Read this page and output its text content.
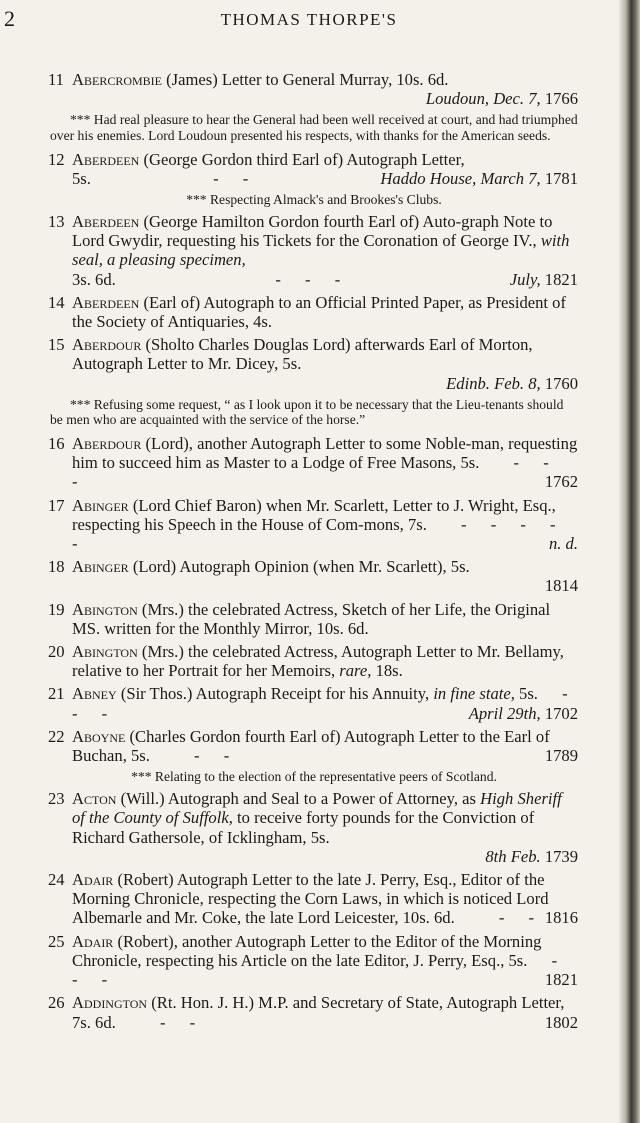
2	THOMAS THORPE'S
11 Abercrombie (James) Letter to General Murray, 10s. 6d.
Loudoun, Dec. 7, 1766
*** Had real pleasure to hear the General had been well received at court, and had triumphed over his enemies. Lord Loudoun presented his respects, with thanks for the American seeds.
12 Aberdeen (George Gordon third Earl of) Autograph Letter,
5s.	- -	Haddo House, March 7, 1781
*** Respecting Almack's and Brookes's Clubs.
13 Aberdeen (George Hamilton Gordon fourth Earl of) Auto-graph Note to Lord Gwydir, requesting his Tickets for the Coronation of George IV., with seal, a pleasing specimen,
3s. 6d.	- - -	July, 1821
14 Aberdeen (Earl of) Autograph to an Official Printed Paper, as President of the Society of Antiquaries, 4s.
15 Aberdour (Sholto Charles Douglas Lord) afterwards Earl of Morton, Autograph Letter to Mr. Dicey, 5s.
Edinb. Feb. 8, 1760
*** Refusing some request, “ as I look upon it to be necessary that the Lieu-tenants should be men who are acquainted with the service of the horse.”
16 Aberdour (Lord), another Autograph Letter to some Noble-man, requesting him to succeed him as Master to a Lodge of Free Masons, 5s. - - -	1762
17 Abinger (Lord Chief Baron) when Mr. Scarlett, Letter to J. Wright, Esq., respecting his Speech in the House of Com-mons, 7s. - - - - -	n. d.
18 Abinger (Lord) Autograph Opinion (when Mr. Scarlett), 5s.
1814
19 Abington (Mrs.) the celebrated Actress, Sketch of her Life, the Original MS. written for the Monthly Mirror, 10s. 6d.
20 Abington (Mrs.) the celebrated Actress, Autograph Letter to Mr. Bellamy, relative to her Portrait for her Memoirs, rare, 18s.
21 Abney (Sir Thos.) Autograph Receipt for his Annuity, in fine state, 5s. - - -	April 29th, 1702
22 Aboyne (Charles Gordon fourth Earl of) Autograph Letter to the Earl of Buchan, 5s.	- -	1789
*** Relating to the election of the representative peers of Scotland.
23 Acton (Will.) Autograph and Seal to a Power of Attorney, as High Sheriff of the County of Suffolk, to receive forty pounds for the Conviction of Richard Gathersole, of Icklingham, 5s.
8th Feb. 1739
24 Adair (Robert) Autograph Letter to the late J. Perry, Esq., Editor of the Morning Chronicle, respecting the Corn Laws, in which is noticed Lord Albemarle and Mr. Coke, the late Lord Leicester, 10s. 6d.	- - 1816
25 Adair (Robert), another Autograph Letter to the Editor of the Morning Chronicle, respecting his Article on the late Editor, J. Perry, Esq., 5s. - - -	1821
26 Addington (Rt. Hon. J. H.) M.P. and Secretary of State, Autograph Letter, 7s. 6d.	- -	1802
